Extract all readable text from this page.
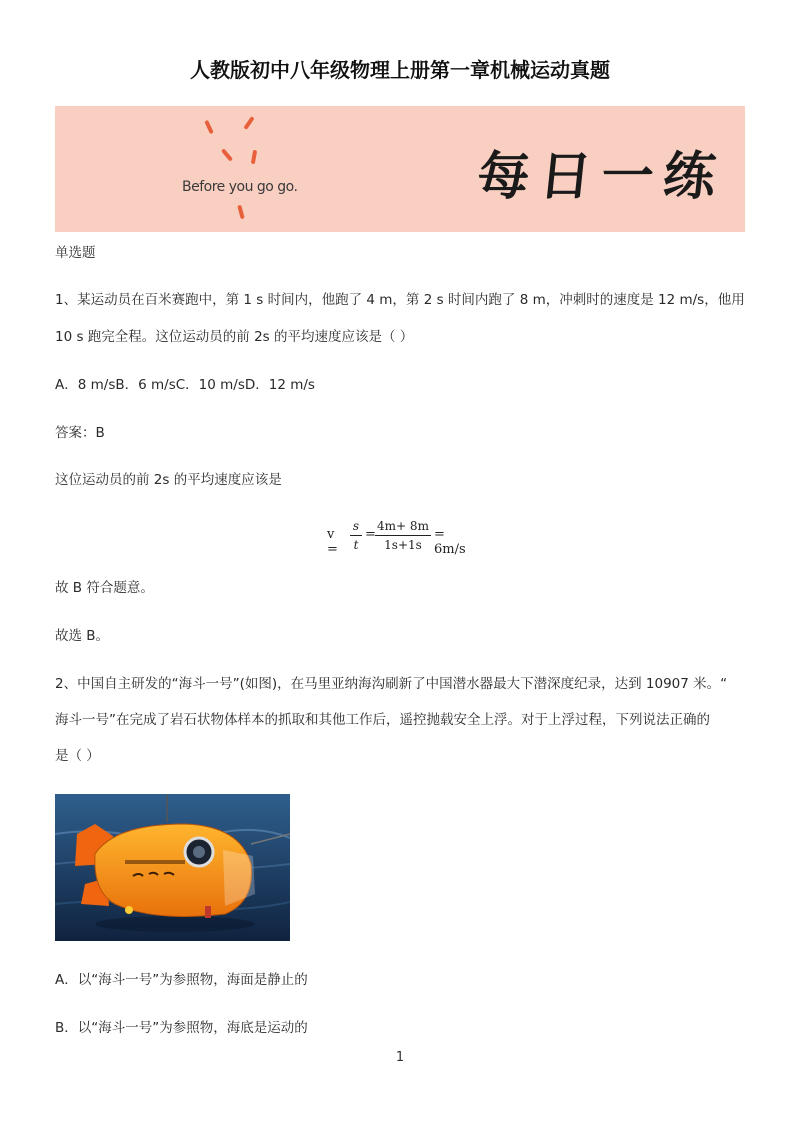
人教版初中八年级物理上册第一章机械运动真题
Before you go go.	每日一练
单选题
1、某运动员在百米赛跑中，第 1 s 时间内，他跑了 4 m，第 2 s 时间内跑了 8 m，冲刺时的速度是 12 m/s，他用
10 s 跑完全程。这位运动员的前 2s 的平均速度应该是（ ）
A．8 m/sB．6 m/sC．10 m/sD．12 m/s
答案：B
这位运动员的前 2s 的平均速度应该是
v =
s
t
=
4m+ 8m
1s+1s
= 6m/s
故 B 符合题意。
故选 B。
2、中国自主研发的“海斗一号”(如图)，在马里亚纳海沟刷新了中国潜水器最大下潜深度纪录，达到 10907 米。“
海斗一号”在完成了岩石状物体样本的抓取和其他工作后，遥控抛载安全上浮。对于上浮过程，下列说法正确的
是（ ）
A．以“海斗一号”为参照物，海面是静止的
B．以“海斗一号”为参照物，海底是运动的
1
